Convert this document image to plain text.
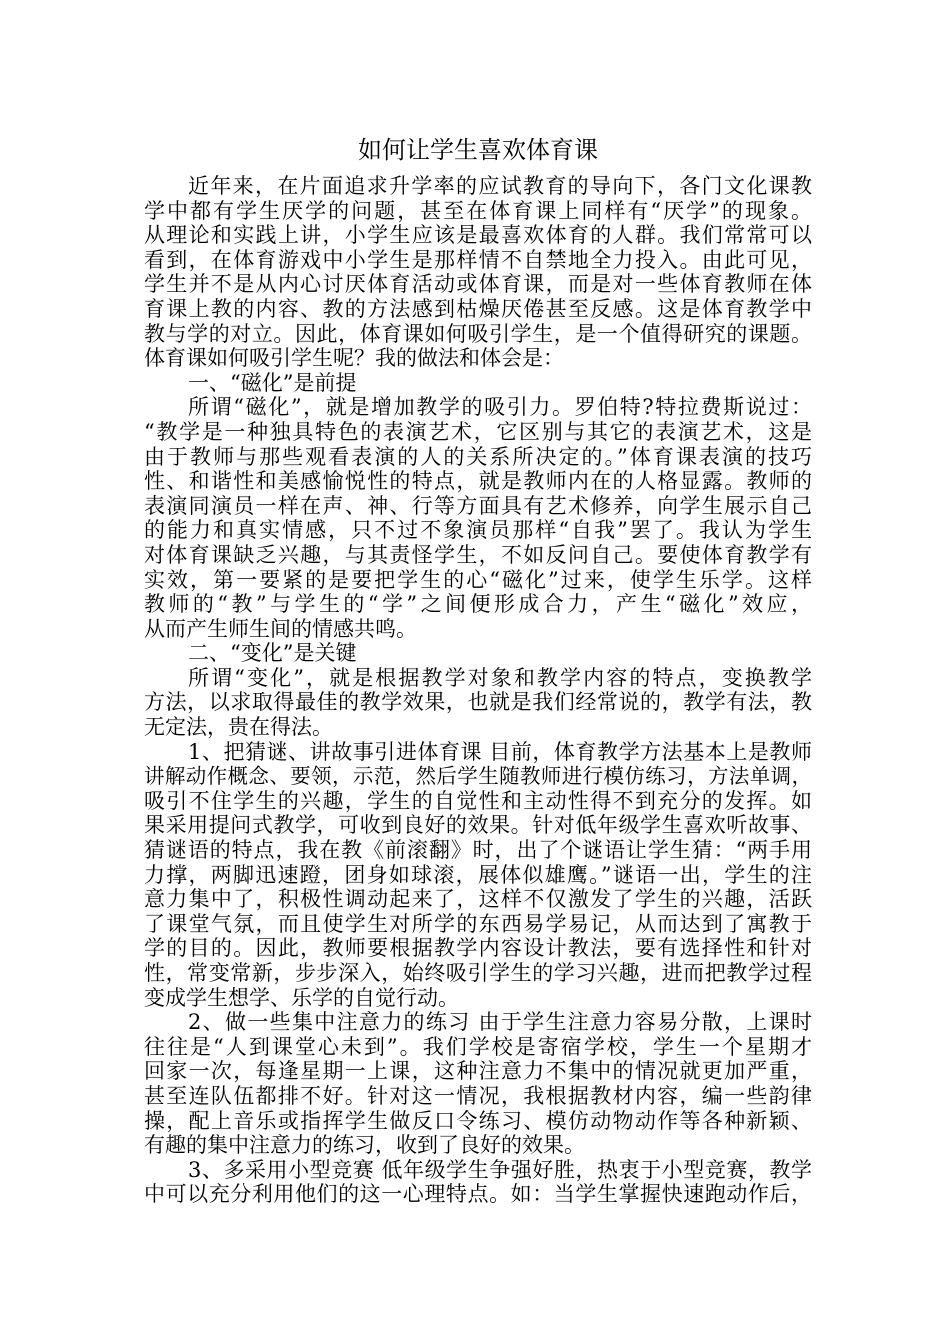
如何让学生喜欢体育课
近年来，在片面追求升学率的应试教育的导向下，各门文化课教
学中都有学生厌学的问题，甚至在体育课上同样有“厌学”的现象。
从理论和实践上讲，小学生应该是最喜欢体育的人群。我们常常可以
看到，在体育游戏中小学生是那样情不自禁地全力投入。由此可见，
学生并不是从内心讨厌体育活动或体育课，而是对一些体育教师在体
育课上教的内容、教的方法感到枯燥厌倦甚至反感。这是体育教学中
教与学的对立。因此，体育课如何吸引学生，是一个值得研究的课题。
体育课如何吸引学生呢？我的做法和体会是：
一、“磁化”是前提
所谓“磁化”，就是增加教学的吸引力。罗伯特?特拉费斯说过：
“教学是一种独具特色的表演艺术，它区别与其它的表演艺术，这是
由于教师与那些观看表演的人的关系所决定的。”体育课表演的技巧
性、和谐性和美感愉悦性的特点，就是教师内在的人格显露。教师的
表演同演员一样在声、神、行等方面具有艺术修养，向学生展示自己
的能力和真实情感，只不过不象演员那样“自我”罢了。我认为学生
对体育课缺乏兴趣，与其责怪学生，不如反问自己。要使体育教学有
实效，第一要紧的是要把学生的心“磁化”过来，使学生乐学。这样
教师的“教”与学生的“学”之间便形成合力，产生“磁化”效应，
从而产生师生间的情感共鸣。
二、“变化”是关键
所谓“变化”，就是根据教学对象和教学内容的特点，变换教学
方法，以求取得最佳的教学效果，也就是我们经常说的，教学有法，教
无定法，贵在得法。
1、把猜谜、讲故事引进体育课 目前，体育教学方法基本上是教师
讲解动作概念、要领，示范，然后学生随教师进行模仿练习，方法单调，
吸引不住学生的兴趣，学生的自觉性和主动性得不到充分的发挥。如
果采用提问式教学，可收到良好的效果。针对低年级学生喜欢听故事、
猜谜语的特点，我在教《前滚翻》时，出了个谜语让学生猜：“两手用
力撑，两脚迅速蹬，团身如球滚，展体似雄鹰。”谜语一出，学生的注
意力集中了，积极性调动起来了，这样不仅激发了学生的兴趣，活跃
了课堂气氛，而且使学生对所学的东西易学易记，从而达到了寓教于
学的目的。因此，教师要根据教学内容设计教法，要有选择性和针对
性，常变常新，步步深入，始终吸引学生的学习兴趣，进而把教学过程
变成学生想学、乐学的自觉行动。
2、做一些集中注意力的练习 由于学生注意力容易分散，上课时
往往是“人到课堂心未到”。我们学校是寄宿学校，学生一个星期才
回家一次，每逢星期一上课，这种注意力不集中的情况就更加严重，
甚至连队伍都排不好。针对这一情况，我根据教材内容，编一些韵律
操，配上音乐或指挥学生做反口令练习、模仿动物动作等各种新颖、
有趣的集中注意力的练习，收到了良好的效果。
3、多采用小型竞赛 低年级学生争强好胜，热衷于小型竞赛，教学
中可以充分利用他们的这一心理特点。如：当学生掌握快速跑动作后，
